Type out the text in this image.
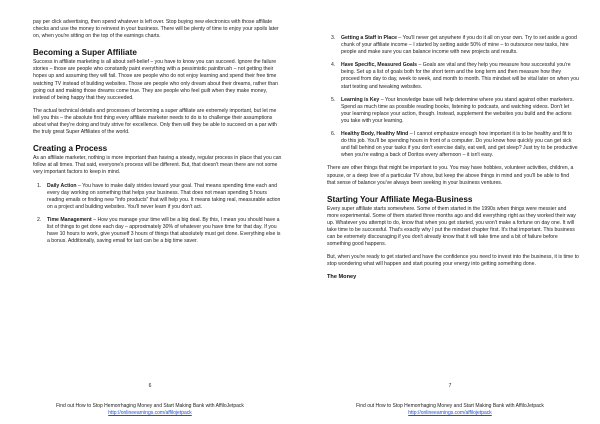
pay per click advertising, then spend whatever is left over. Stop buying new electronics with those affiliate checks and use the money to reinvest in your business. There will be plenty of time to enjoy your spoils later on, when you're sitting on the top of the earnings charts.

Becoming a Super Affiliate

Success in affiliate marketing is all about self-belief – you have to know you can succeed. Ignore the failure stories – those are people who constantly paint everything with a pessimistic paintbrush – not getting their hopes up and assuming they will fail. Those are people who do not enjoy learning and spend their free time watching TV instead of building websites. Those are people who only dream about their dreams, rather than going out and making those dreams come true. They are people who feel guilt when they make money, instead of being happy that they succeeded.

The actual technical details and processes of becoming a super affiliate are extremely important, but let me tell you this – the absolute first thing every affiliate marketer needs to do is to challenge their assumptions about what they're doing and truly strive for excellence. Only then will they be able to succeed on a par with the truly great Super Affiliates of the world.

Creating a Process

As an affiliate marketer, nothing is more important than having a steady, regular process in place that you can follow at all times. That said, everyone's process will be different. But, that doesn't mean there are not some very important factors to keep in mind.

1. Daily Action – You have to make daily strides toward your goal. That means spending time each and every day working on something that helps your business. That does not mean spending 5 hours reading emails or finding new "info products" that will help you. It means taking real, measurable action on a project and building websites. You'll never learn if you don't act.
2. Time Management – How you manage your time will be a big deal. By this, I mean you should have a list of things to get done each day – approximately 30% of whatever you have time for that day. If you have 10 hours to work, give yourself 3 hours of things that absolutely must get done. Everything else is a bonus. Additionally, saving email for last can be a big time saver.
6
Find out How to Stop Hemorrhaging Money and Start Making Bank with AffiloJetpack
http://onlineearnings.com/affilojetpack
3. Getting a Staff in Place – You'll never get anywhere if you do it all on your own. Try to set aside a good chunk of your affiliate income – I started by setting aside 50% of mine – to outsource new tasks, hire people and make sure you can balance income with new projects and results.
4. Have Specific, Measured Goals – Goals are vital and they help you measure how successful you're being. Set up a list of goals both for the short term and the long term and then measure how they proceed from day to day, week to week, and month to month. This mindset will be vital later on when you start testing and tweaking websites.
5. Learning is Key – Your knowledge base will help determine where you stand against other marketers. Spend as much time as possible reading books, listening to podcasts, and watching videos. Don't let your learning replace your action, though. Instead, supplement the websites you build and the actions you take with your learning.
6. Healthy Body, Healthy Mind – I cannot emphasize enough how important it is to be healthy and fit to do this job. You'll be spending hours in front of a computer. Do you know how quickly you can get sick and fall behind on your tasks if you don't exercise daily, eat well, and get sleep? Just try to be productive when you're eating a back of Doritos every afternoon – it isn't easy.

There are other things that might be important to you. You may have hobbies, volunteer activities, children, a spouse, or a deep love of a particular TV show, but keep the above things in mind and you'll be able to find that sense of balance you've always been seeking in your business ventures.

Starting Your Affiliate Mega-Business

Every super affiliate starts somewhere. Some of them started in the 1990s when things were messier and more experimental. Some of them started three months ago and did everything right as they worked their way up. Whatever you attempt to do, know that when you get started, you won't make a fortune on day one. It will take time to be successful. That's exactly why I put the mindset chapter first. It's that important. This business can be extremely discouraging if you don't already know that it will take time and a bit of failure before something good happens.

But, when you're ready to get started and have the confidence you need to invest into the business, it is time to stop wondering what will happen and start pouring your energy into getting something done.

The Money
7
Find out How to Stop Hemorrhaging Money and Start Making Bank with AffiloJetpack
http://onlineearnings.com/affilojetpack
